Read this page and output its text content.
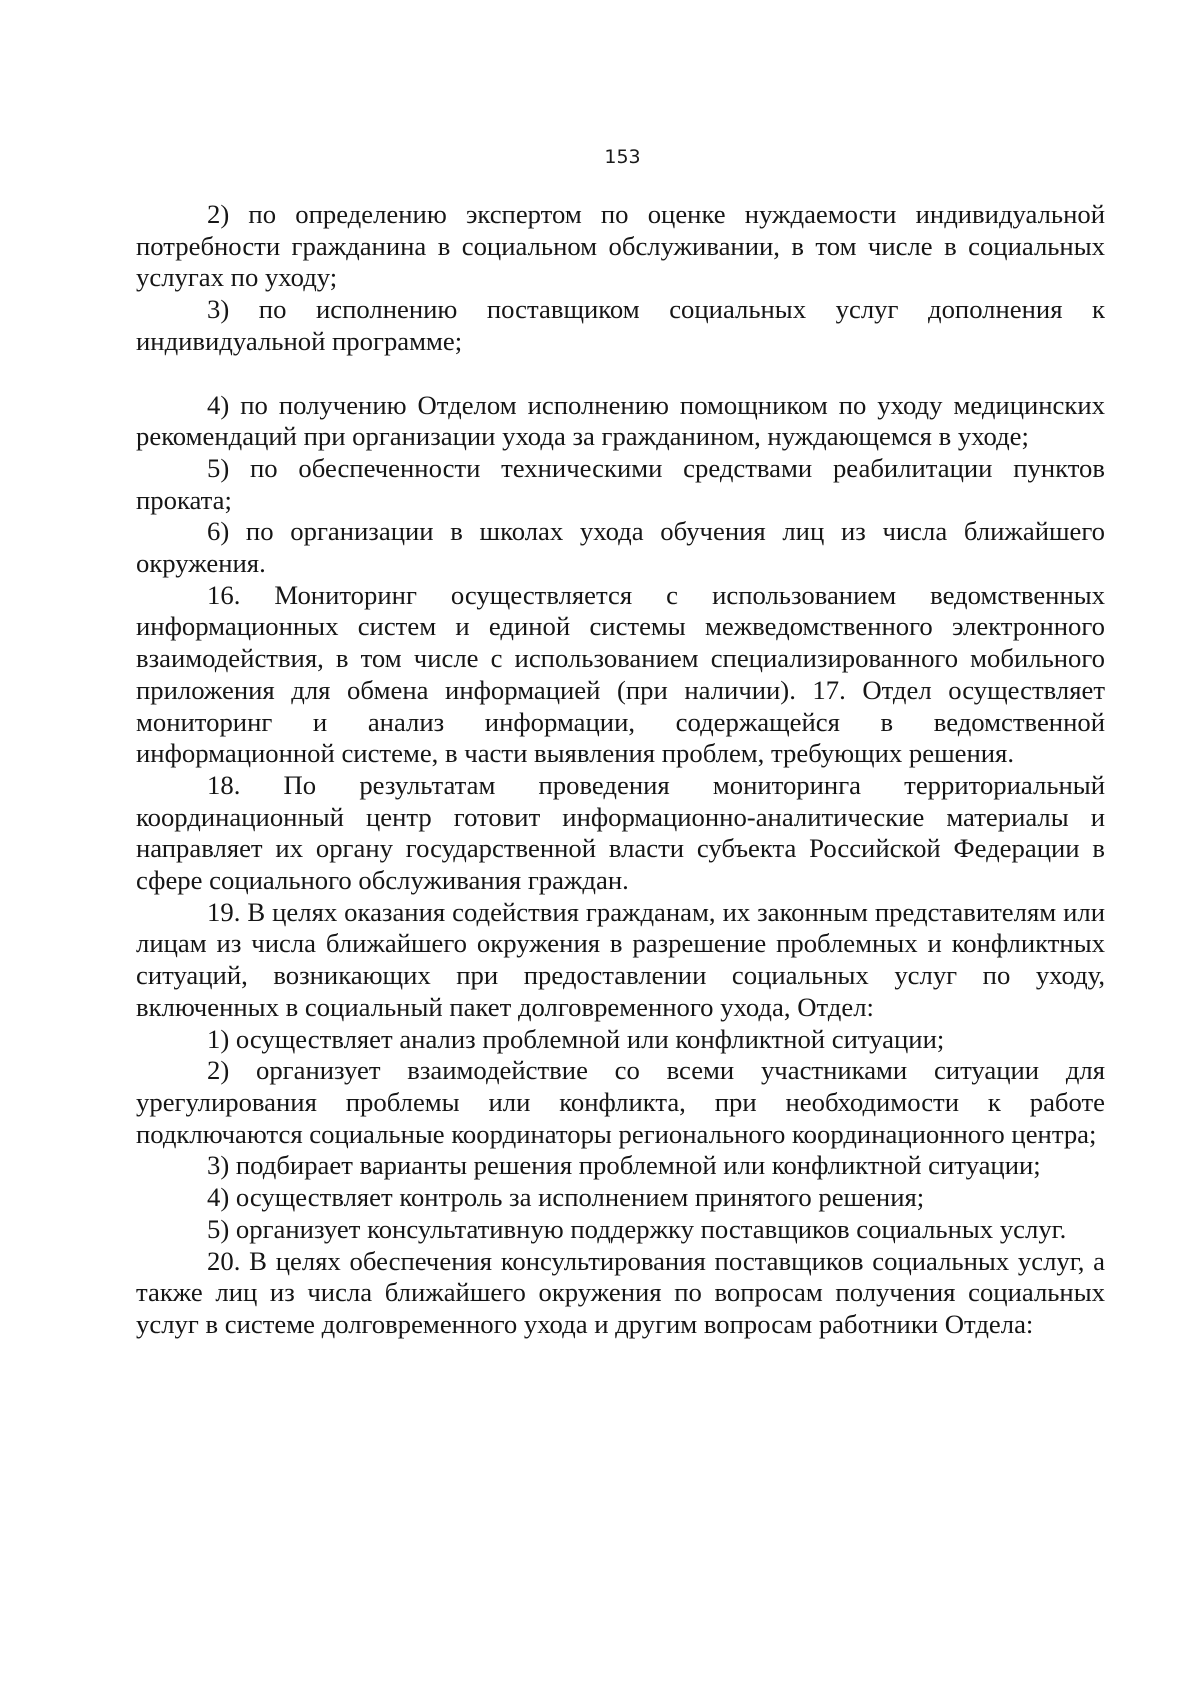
153

2) по определению экспертом по оценке нуждаемости индивидуальной потребности гражданина в социальном обслуживании, в том числе в социальных услугах по уходу;

3) по исполнению поставщиком социальных услуг дополнения к индивидуальной программе;

4) по получению Отделом исполнению помощником по уходу медицинских рекомендаций при организации ухода за гражданином, нуждающемся в уходе;

5) по обеспеченности техническими средствами реабилитации пунктов проката;

6) по организации в школах ухода обучения лиц из числа ближайшего окружения.

16. Мониторинг осуществляется с использованием ведомственных информационных систем и единой системы межведомственного электронного взаимодействия, в том числе с использованием специализированного мобильного приложения для обмена информацией (при наличии). 17. Отдел осуществляет мониторинг и анализ информации, содержащейся в ведомственной информационной системе, в части выявления проблем, требующих решения.

18. По результатам проведения мониторинга территориальный координационный центр готовит информационно-аналитические материалы и направляет их органу государственной власти субъекта Российской Федерации в сфере социального обслуживания граждан.

19. В целях оказания содействия гражданам, их законным представителям или лицам из числа ближайшего окружения в разрешение проблемных и конфликтных ситуаций, возникающих при предоставлении социальных услуг по уходу, включенных в социальный пакет долговременного ухода, Отдел:

1) осуществляет анализ проблемной или конфликтной ситуации;

2) организует взаимодействие со всеми участниками ситуации для урегулирования проблемы или конфликта, при необходимости к работе подключаются социальные координаторы регионального координационного центра;

3) подбирает варианты решения проблемной или конфликтной ситуации;

4) осуществляет контроль за исполнением принятого решения;

5) организует консультативную поддержку поставщиков социальных услуг.

20. В целях обеспечения консультирования поставщиков социальных услуг, а также лиц из числа ближайшего окружения по вопросам получения социальных услуг в системе долговременного ухода и другим вопросам работники Отдела:
